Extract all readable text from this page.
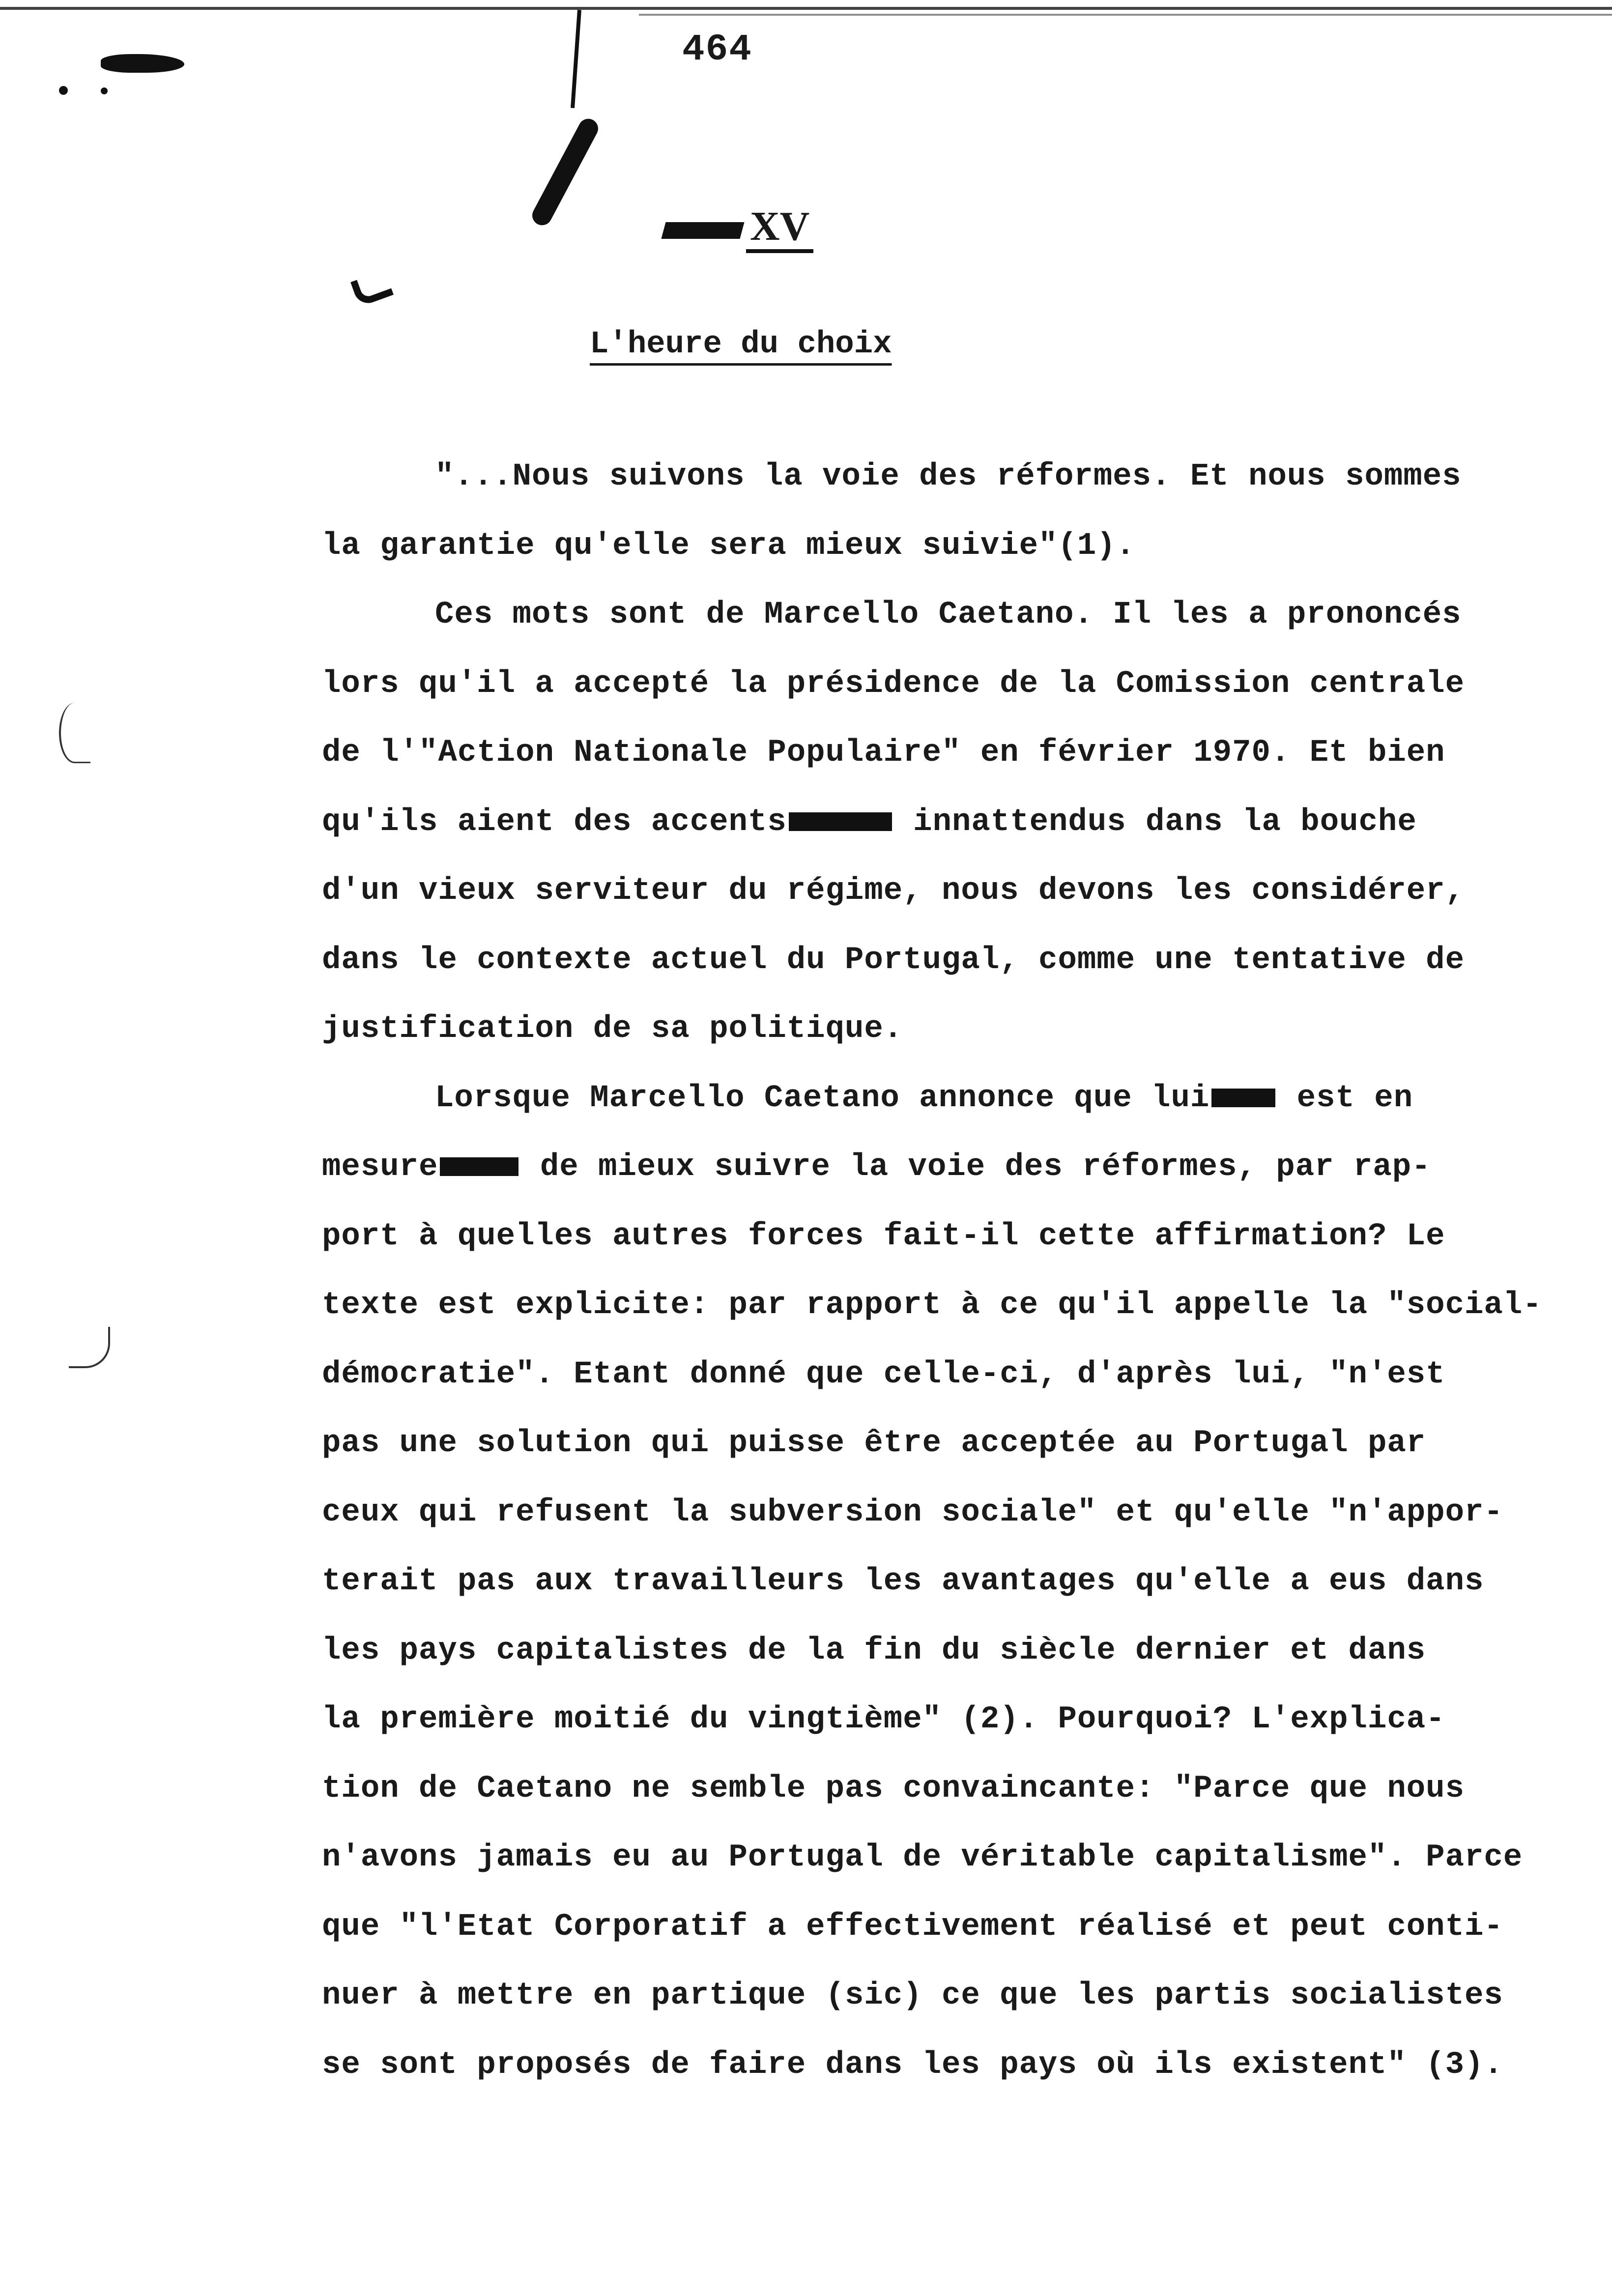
464
XV
L'heure du choix
"...Nous suivons la voie des réformes. Et nous sommes
la garantie qu'elle sera mieux suivie"(1).
Ces mots sont de Marcello Caetano. Il les a prononcés
lors qu'il a accepté la présidence de la Comission centrale
de l'"Action Nationale Populaire" en février 1970. Et bien
qu'ils aient des accents	innattendus dans la bouche
d'un vieux serviteur du régime, nous devons les considérer,
dans le contexte actuel du Portugal, comme une tentative de
justification de sa politique.
Lorsque Marcello Caetano annonce que lui est en
mesure	de mieux suivre la voie des réformes, par rap-
port à quelles autres forces fait-il cette affirmation? Le
texte est explicite: par rapport à ce qu'il appelle la "social-
démocratie". Etant donné que celle-ci, d'après lui, "n'est
pas une solution qui puisse être acceptée au Portugal par
ceux qui refusent la subversion sociale" et qu'elle "n'appor-
terait pas aux travailleurs les avantages qu'elle a eus dans
les pays capitalistes de la fin du siècle dernier et dans
la première moitié du vingtième" (2). Pourquoi? L'explica-
tion de Caetano ne semble pas convaincante: "Parce que nous
n'avons jamais eu au Portugal de véritable capitalisme". Parce
que "l'Etat Corporatif a effectivement réalisé et peut conti-
nuer à mettre en partique (sic) ce que les partis socialistes
se sont proposés de faire dans les pays où ils existent" (3).
